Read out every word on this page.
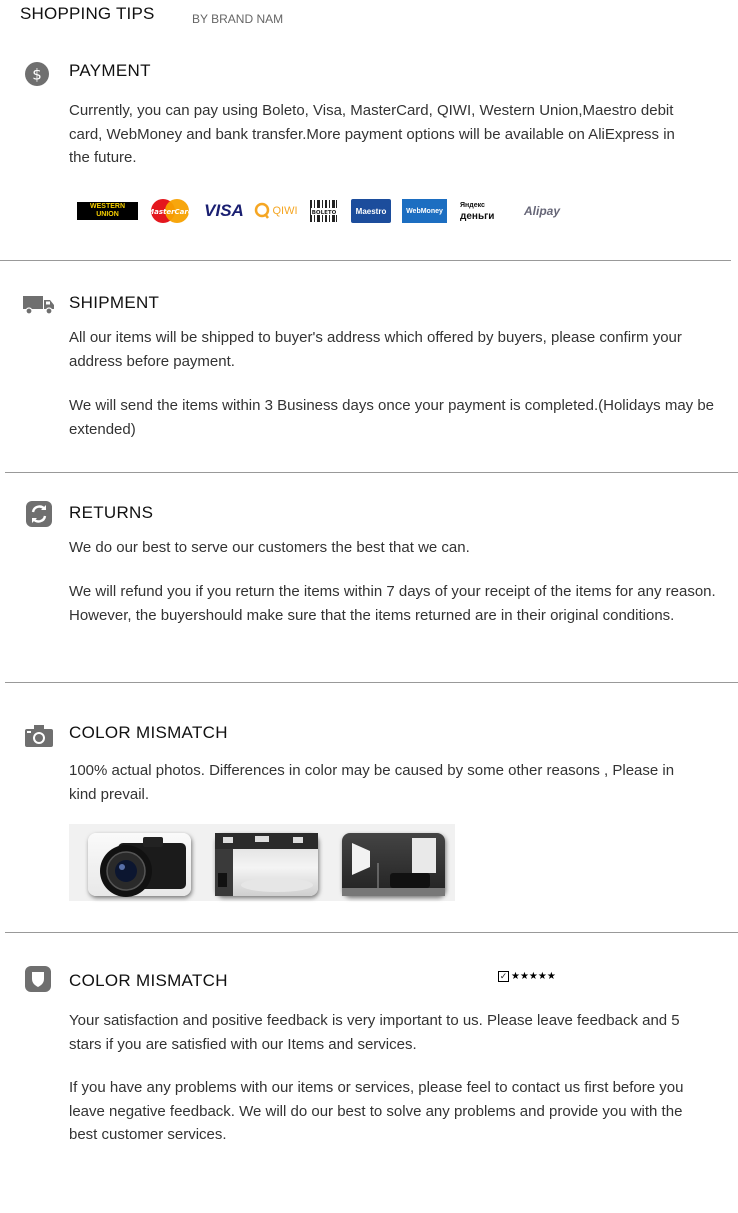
SHOPPING TIPS	BY BRAND NAM
$ PAYMENT
Currently, you can pay using Boleto, Visa, MasterCard, QIWI, Western Union,Maestro debit card, WebMoney and bank transfer.More payment options will be available on AliExpress in the future.
WESTERN
UNION	MasterCard VISA	QIWI	BOLETO	Maestro	WebMoney
Яндекс
деньги	Alipay
SHIPMENT
All our items will be shipped to buyer's address which offered by buyers, please confirm your address before payment.
We will send the items within 3 Business days once your payment is completed.(Holidays may be extended)
RETURNS
We do our best to serve our customers the best that we can.
We will refund you if you return the items within 7 days of your receipt of the items for any reason. However, the buyershould make sure that the items returned are in their original conditions.
COLOR MISMATCH
100% actual photos. Differences in color may be caused by some other reasons , Please in kind prevail.
COLOR MISMATCH	✓ ★★★★★
Your satisfaction and positive feedback is very important to us. Please leave feedback and 5 stars if you are satisfied with our Items and services.
If you have any problems with our items or services, please feel to contact us first before you leave negative feedback. We will do our best to solve any problems and provide you with the best customer services.
